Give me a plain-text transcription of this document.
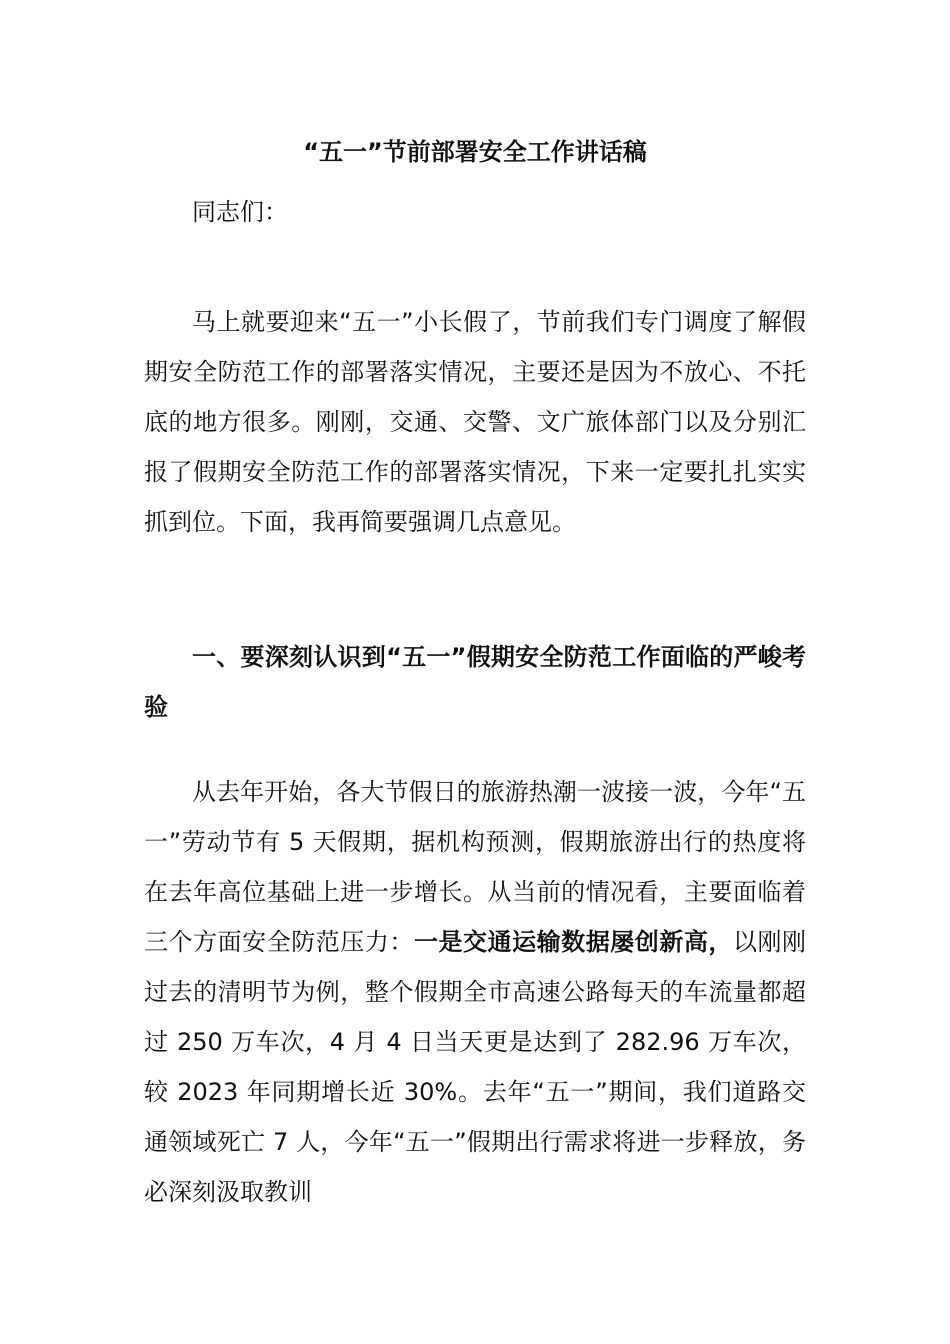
“五一”节前部署安全工作讲话稿

同志们：

马上就要迎来“五一”小长假了，节前我们专门调度了解假期安全防范工作的部署落实情况，主要还是因为不放心、不托底的地方很多。刚刚，交通、交警、文广旅体部门以及分别汇报了假期安全防范工作的部署落实情况，下来一定要扎扎实实抓到位。下面，我再简要强调几点意见。

一、要深刻认识到“五一”假期安全防范工作面临的严峻考验

从去年开始，各大节假日的旅游热潮一波接一波，今年“五一”劳动节有 5 天假期，据机构预测，假期旅游出行的热度将在去年高位基础上进一步增长。从当前的情况看，主要面临着三个方面安全防范压力：一是交通运输数据屡创新高，以刚刚过去的清明节为例，整个假期全市高速公路每天的车流量都超过 250 万车次，4 月 4 日当天更是达到了 282.96 万车次，较 2023 年同期增长近 30%。去年“五一”期间，我们道路交通领域死亡 7 人，今年“五一”假期出行需求将进一步释放，务必深刻汲取教训
